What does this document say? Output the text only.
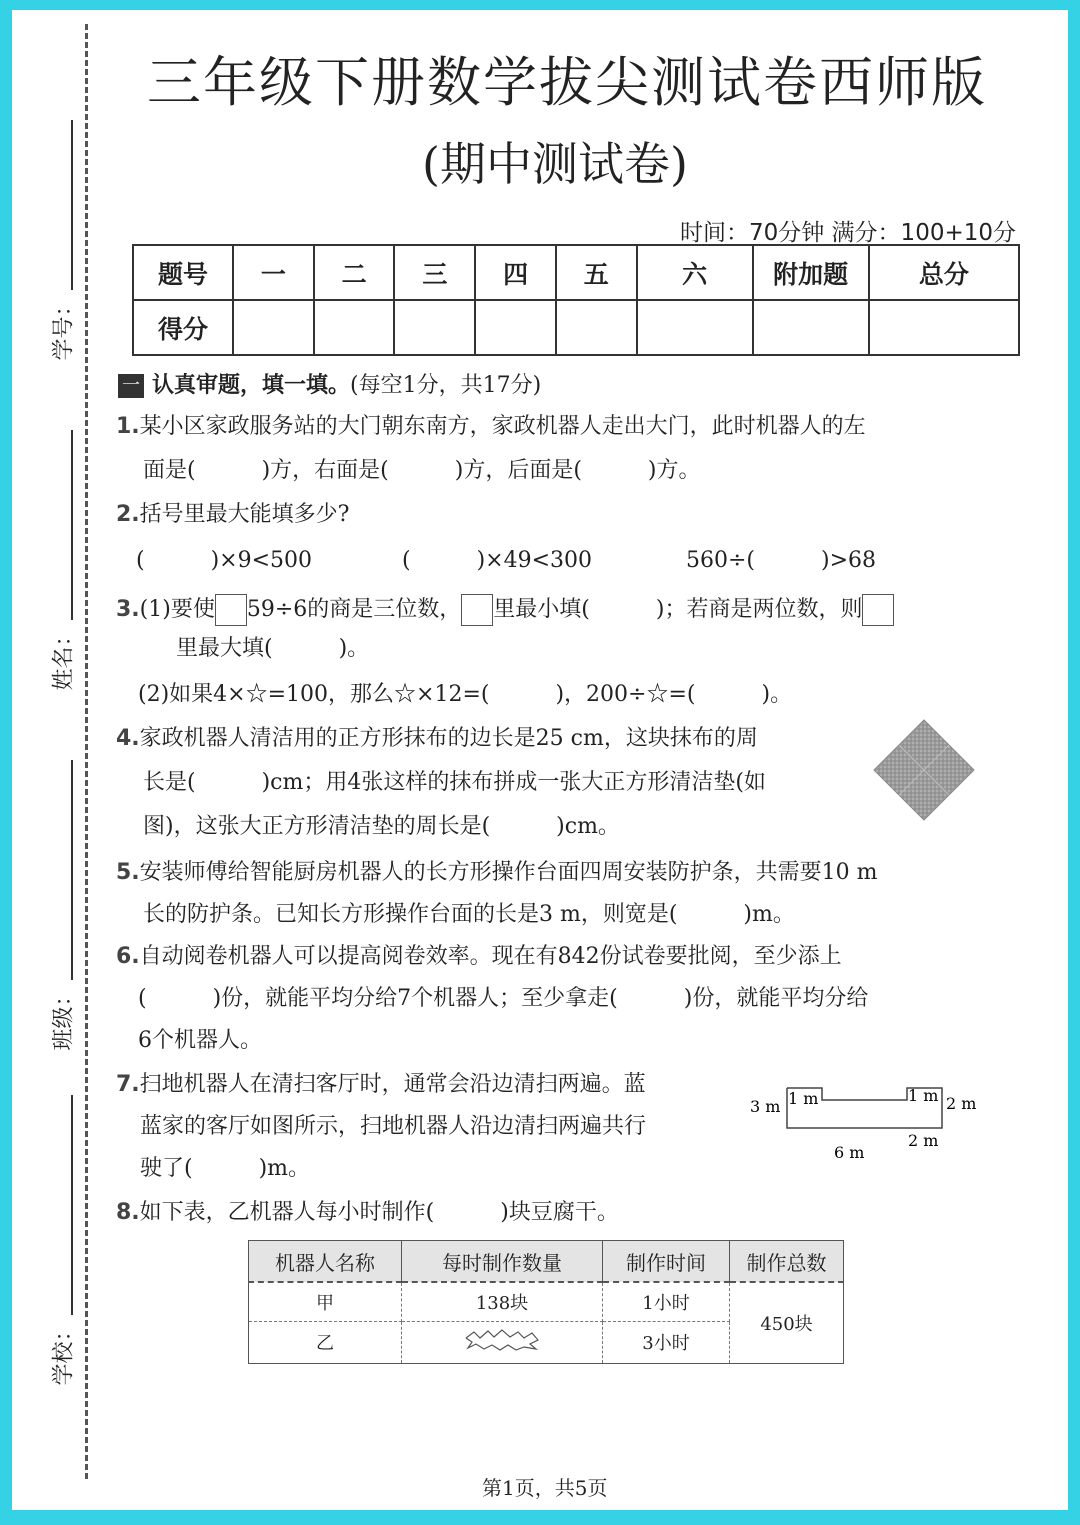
学号：
姓名：
班级：
学校：
三年级下册数学拔尖测试卷西师版
(期中测试卷)
时间：70分钟 满分：100+10分
题号	一	二	三	四	五	六	附加题	总分
得分								
一 认真审题，填一填。(每空1分，共17分)
1.某小区家政服务站的大门朝东南方，家政机器人走出大门，此时机器人的左
面是(　　　)方，右面是(　　　)方，后面是(　　　)方。
2.括号里最大能填多少?
(　　　)×9<500	(　　　)×49<300	560÷(　　　)>68
3.(1)要使 59÷6的商是三位数， 里最小填(　　　)；若商是两位数，则
里最大填(　　　)。
(2)如果4×☆=100，那么☆×12=(　　　)，200÷☆=(　　　)。
4.家政机器人清洁用的正方形抹布的边长是25 cm，这块抹布的周
长是(　　　)cm；用4张这样的抹布拼成一张大正方形清洁垫(如
图)，这张大正方形清洁垫的周长是(　　　)cm。
5.安装师傅给智能厨房机器人的长方形操作台面四周安装防护条，共需要10 m
长的防护条。已知长方形操作台面的长是3 m，则宽是(　　　)m。
6.自动阅卷机器人可以提高阅卷效率。现在有842份试卷要批阅，至少添上
(　　　)份，就能平均分给7个机器人；至少拿走(　　　)份，就能平均分给
6个机器人。
7.扫地机器人在清扫客厅时，通常会沿边清扫两遍。蓝
蓝家的客厅如图所示，扫地机器人沿边清扫两遍共行
驶了(　　　)m。
3 m 1 m	1 m 2 m
2 m
6 m
8.如下表，乙机器人每小时制作(　　　)块豆腐干。
机器人名称	每时制作数量	制作时间	制作总数
甲	138块	1小时	450块
乙		3小时	
第1页，共5页
